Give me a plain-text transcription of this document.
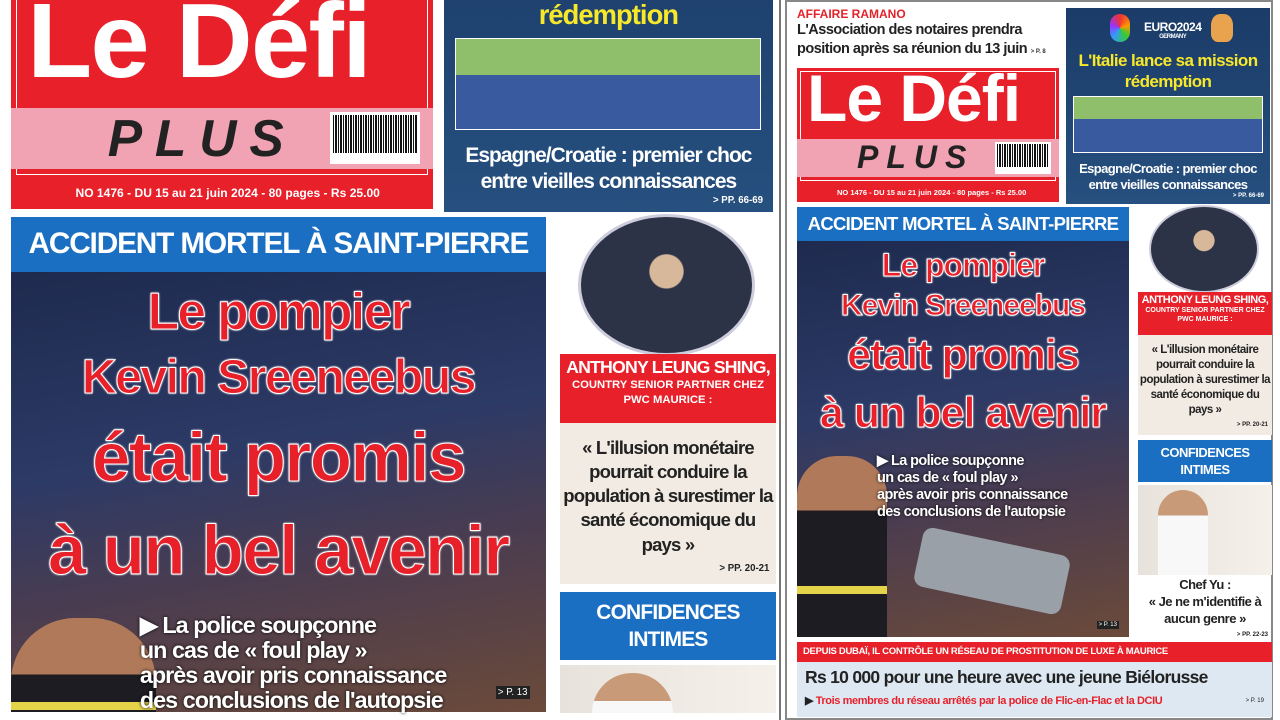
Le Défi
PLUS
NO 1476 - DU 15 au 21 juin 2024 - 80 pages - Rs 25.00
rédemption
Espagne/Croatie : premier choc entre vieilles connaissances
> PP. 66-69
ACCIDENT MORTEL À SAINT-PIERRE
Le pompier
Kevin Sreeneebus
était promis
à un bel avenir
▶ La police soupçonne
un cas de « foul play »
après avoir pris connaissance
des conclusions de l'autopsie	> P. 13
ANTHONY LEUNG SHING,
COUNTRY SENIOR PARTNER CHEZ PWC MAURICE :
« L'illusion monétaire pourrait conduire la population à surestimer la santé économique du pays »
> PP. 20-21
CONFIDENCES INTIMES
AFFAIRE RAMANO
L'Association des notaires prendra position après sa réunion du 13 juin > P. 8
Le Défi
PLUS
NO 1476 - DU 15 au 21 juin 2024 - 80 pages - Rs 25.00
EURO2024
GERMANY
L'Italie lance sa mission rédemption
Espagne/Croatie : premier choc entre vieilles connaissances
> PP. 66-69
ACCIDENT MORTEL À SAINT-PIERRE
Le pompier
Kevin Sreeneebus
était promis
à un bel avenir
▶ La police soupçonne
un cas de « foul play »
après avoir pris connaissance
des conclusions de l'autopsie
> P. 13
ANTHONY LEUNG SHING,
COUNTRY SENIOR PARTNER CHEZ PWC MAURICE :
« L'illusion monétaire pourrait conduire la population à surestimer la santé économique du pays »
> PP. 20-21
CONFIDENCES INTIMES
Chef Yu :
« Je ne m'identifie à aucun genre »
> PP. 22-23
DEPUIS DUBAÏ, IL CONTRÔLE UN RÉSEAU DE PROSTITUTION DE LUXE À MAURICE
Rs 10 000 pour une heure avec une jeune Biélorusse
▶ Trois membres du réseau arrêtés par la police de Flic-en-Flac et la DCIU	> P. 19
